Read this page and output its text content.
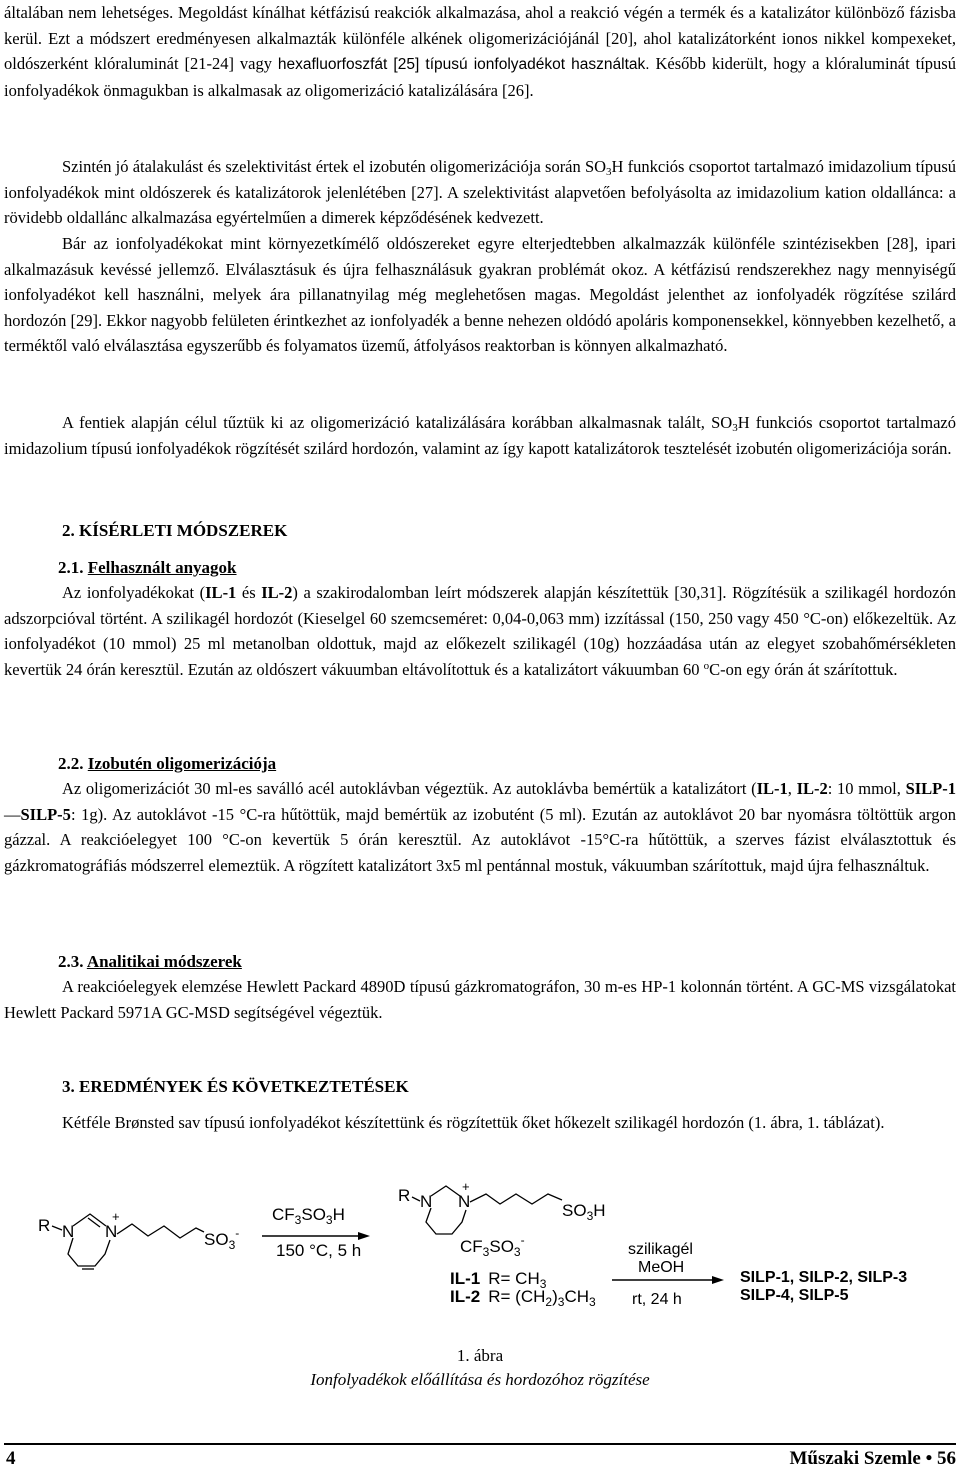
általában nem lehetséges. Megoldást kínálhat kétfázisú reakciók alkalmazása, ahol a reakció végén a termék és a katalizátor különböző fázisba kerül. Ezt a módszert eredményesen alkalmazták különféle alkének oligomerizációjánál [20], ahol katalizátorként ionos nikkel kompexeket, oldószerként klóraluminát [21-24] vagy hexafluorfoszfát [25] típusú ionfolyadékot használtak. Később kiderült, hogy a klóraluminát típusú ionfolyadékok önmagukban is alkalmasak az oligomerizáció katalizálására [26].

Szintén jó átalakulást és szelektivitást értek el izobutén oligomerizációja során $SO_3H$ funkciós csoportot tartalmazó imidazolium típusú ionfolyadékok mint oldószerek és katalizátorok jelenlétében [27]. A szelektivitást alapvetően befolyásolta az imidazolium kation oldallánca: a rövidebb oldallánc alkalmazása egyértelműen a dimerek képződésének kedvezett.

Bár az ionfolyadékokat mint környezetkímélő oldószereket egyre elterjedtebben alkalmazzák különféle szintézisekben [28], ipari alkalmazásuk kevéssé jellemző. Elválasztásuk és újra felhasználásuk gyakran problémát okoz. A kétfázisú rendszerekhez nagy mennyiségű ionfolyadékot kell használni, melyek ára pillanatnyilag még meglehetősen magas. Megoldást jelenthet az ionfolyadék rögzítése szilárd hordozón [29]. Ekkor nagyobb felületen érintkezhet az ionfolyadék a benne nehezen oldódó apoláris komponensekkel, könnyebben kezelhető, a terméktől való elválasztása egyszerűbb és folyamatos üzemű, átfolyásos reaktorban is könnyen alkalmazható.

A fentiek alapján célul tűztük ki az oligomerizáció katalizálására korábban alkalmasnak talált, $SO_3H$ funkciós csoportot tartalmazó imidazolium típusú ionfolyadékok rögzítését szilárd hordozón, valamint az így kapott katalizátorok tesztelését izobutén oligomerizációja során.

2. KÍSÉRLETI MÓDSZEREK
2.1. Felhasznált anyagok

Az ionfolyadékokat (IL-1 és IL-2) a szakirodalomban leírt módszerek alapján készítettük [30,31]. Rögzítésük a szilikagél hordozón adszorpcióval történt. A szilikagél hordozót (Kieselgel 60 szemcseméret: 0,04-0,063 mm) izzítással (150, 250 vagy 450 °C-on) előkezeltük. Az ionfolyadékot (10 mmol) 25 ml metanolban oldottuk, majd az előkezelt szilikagél (10g) hozzáadása után az elegyet szobahőmérsékleten kevertük 24 órán keresztül. Ezután az oldószert vákuumban eltávolítottuk és a katalizátort vákuumban 60 $^o$C-on egy órán át szárítottuk.

2.2. Izobutén oligomerizációja

Az oligomerizációt 30 ml-es saválló acél autoklávban végeztük. Az autoklávba bemértük a katalizátort (IL-1, IL-2: 10 mmol, SILP-1 —SILP-5: 1g). Az autoklávot -15 °C-ra hűtöttük, majd bemértük az izobutént (5 ml). Ezután az autoklávot 20 bar nyomásra töltöttük argon gázzal. A reakcióelegyet 100 °C-on kevertük 5 órán keresztül. Az autoklávot -15°C-ra hűtöttük, a szerves fázist elválasztottuk és gázkromatográfiás módszerrel elemeztük. A rögzített katalizátort 3x5 ml pentánnal mostuk, vákuumban szárítottuk, majd újra felhasználtuk.

2.3. Analitikai módszerek

A reakcióelegyek elemzése Hewlett Packard 4890D típusú gázkromatográfon, 30 m-es HP-1 kolonnán történt. A GC-MS vizsgálatokat Hewlett Packard 5971A GC-MSD segítségével végeztük.

3. EREDMÉNYEK ÉS KÖVETKEZTETÉSEK

Kétféle Brønsted sav típusú ionfolyadékot készítettünk és rögzítettük őket hőkezelt szilikagél hordozón (1. ábra, 1. táblázat).

R N N
+
$SO_3^-$
$CF_3SO_3H$
150 °C, 5 h
R N N
+
$SO_3H$
$CF_3SO_3^-$
IL-1 $R= CH_3$
IL-2 $R= (CH_2)_3CH_3$
szilikagél
MeOH
rt, 24 h
SILP-1, SILP-2, SILP-3
SILP-4, SILP-5
1. ábra
Ionfolyadékok előállítása és hordozóhoz rögzítése
4	Műszaki Szemle • 56
